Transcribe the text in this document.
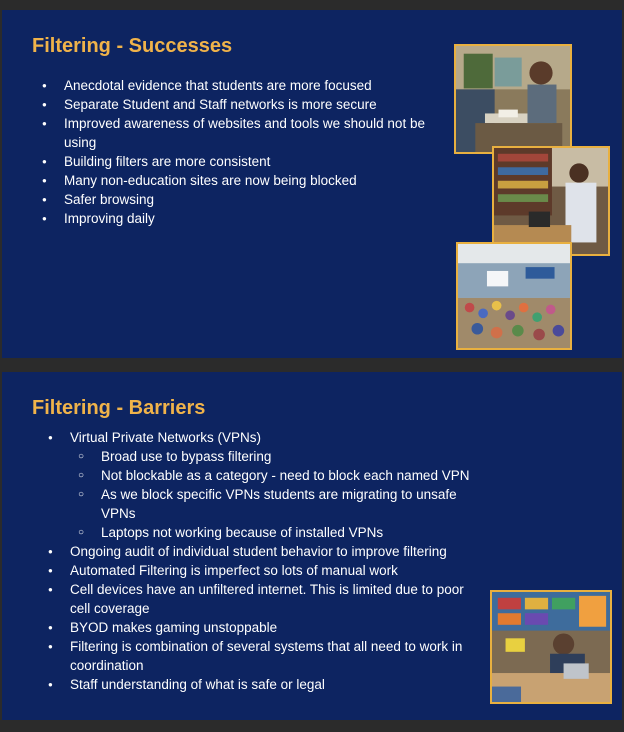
Filtering - Successes
● Anecdotal evidence that students are more focused
● Separate Student and Staff networks is more secure
● Improved awareness of websites and tools we should not be using
● Building filters are more consistent
● Many non-education sites are now being blocked
● Safer browsing
● Improving daily
Filtering - Barriers
● Virtual Private Networks (VPNs)
○ Broad use to bypass filtering
○ Not blockable as a category - need to block each named VPN
○ As we block specific VPNs students are migrating to unsafe VPNs
○ Laptops not working because of installed VPNs
● Ongoing audit of individual student behavior to improve filtering
● Automated Filtering is imperfect so lots of manual work
● Cell devices have an unfiltered internet. This is limited due to poor cell coverage
● BYOD makes gaming unstoppable
● Filtering is combination of several systems that all need to work in coordination
● Staff understanding of what is safe or legal
